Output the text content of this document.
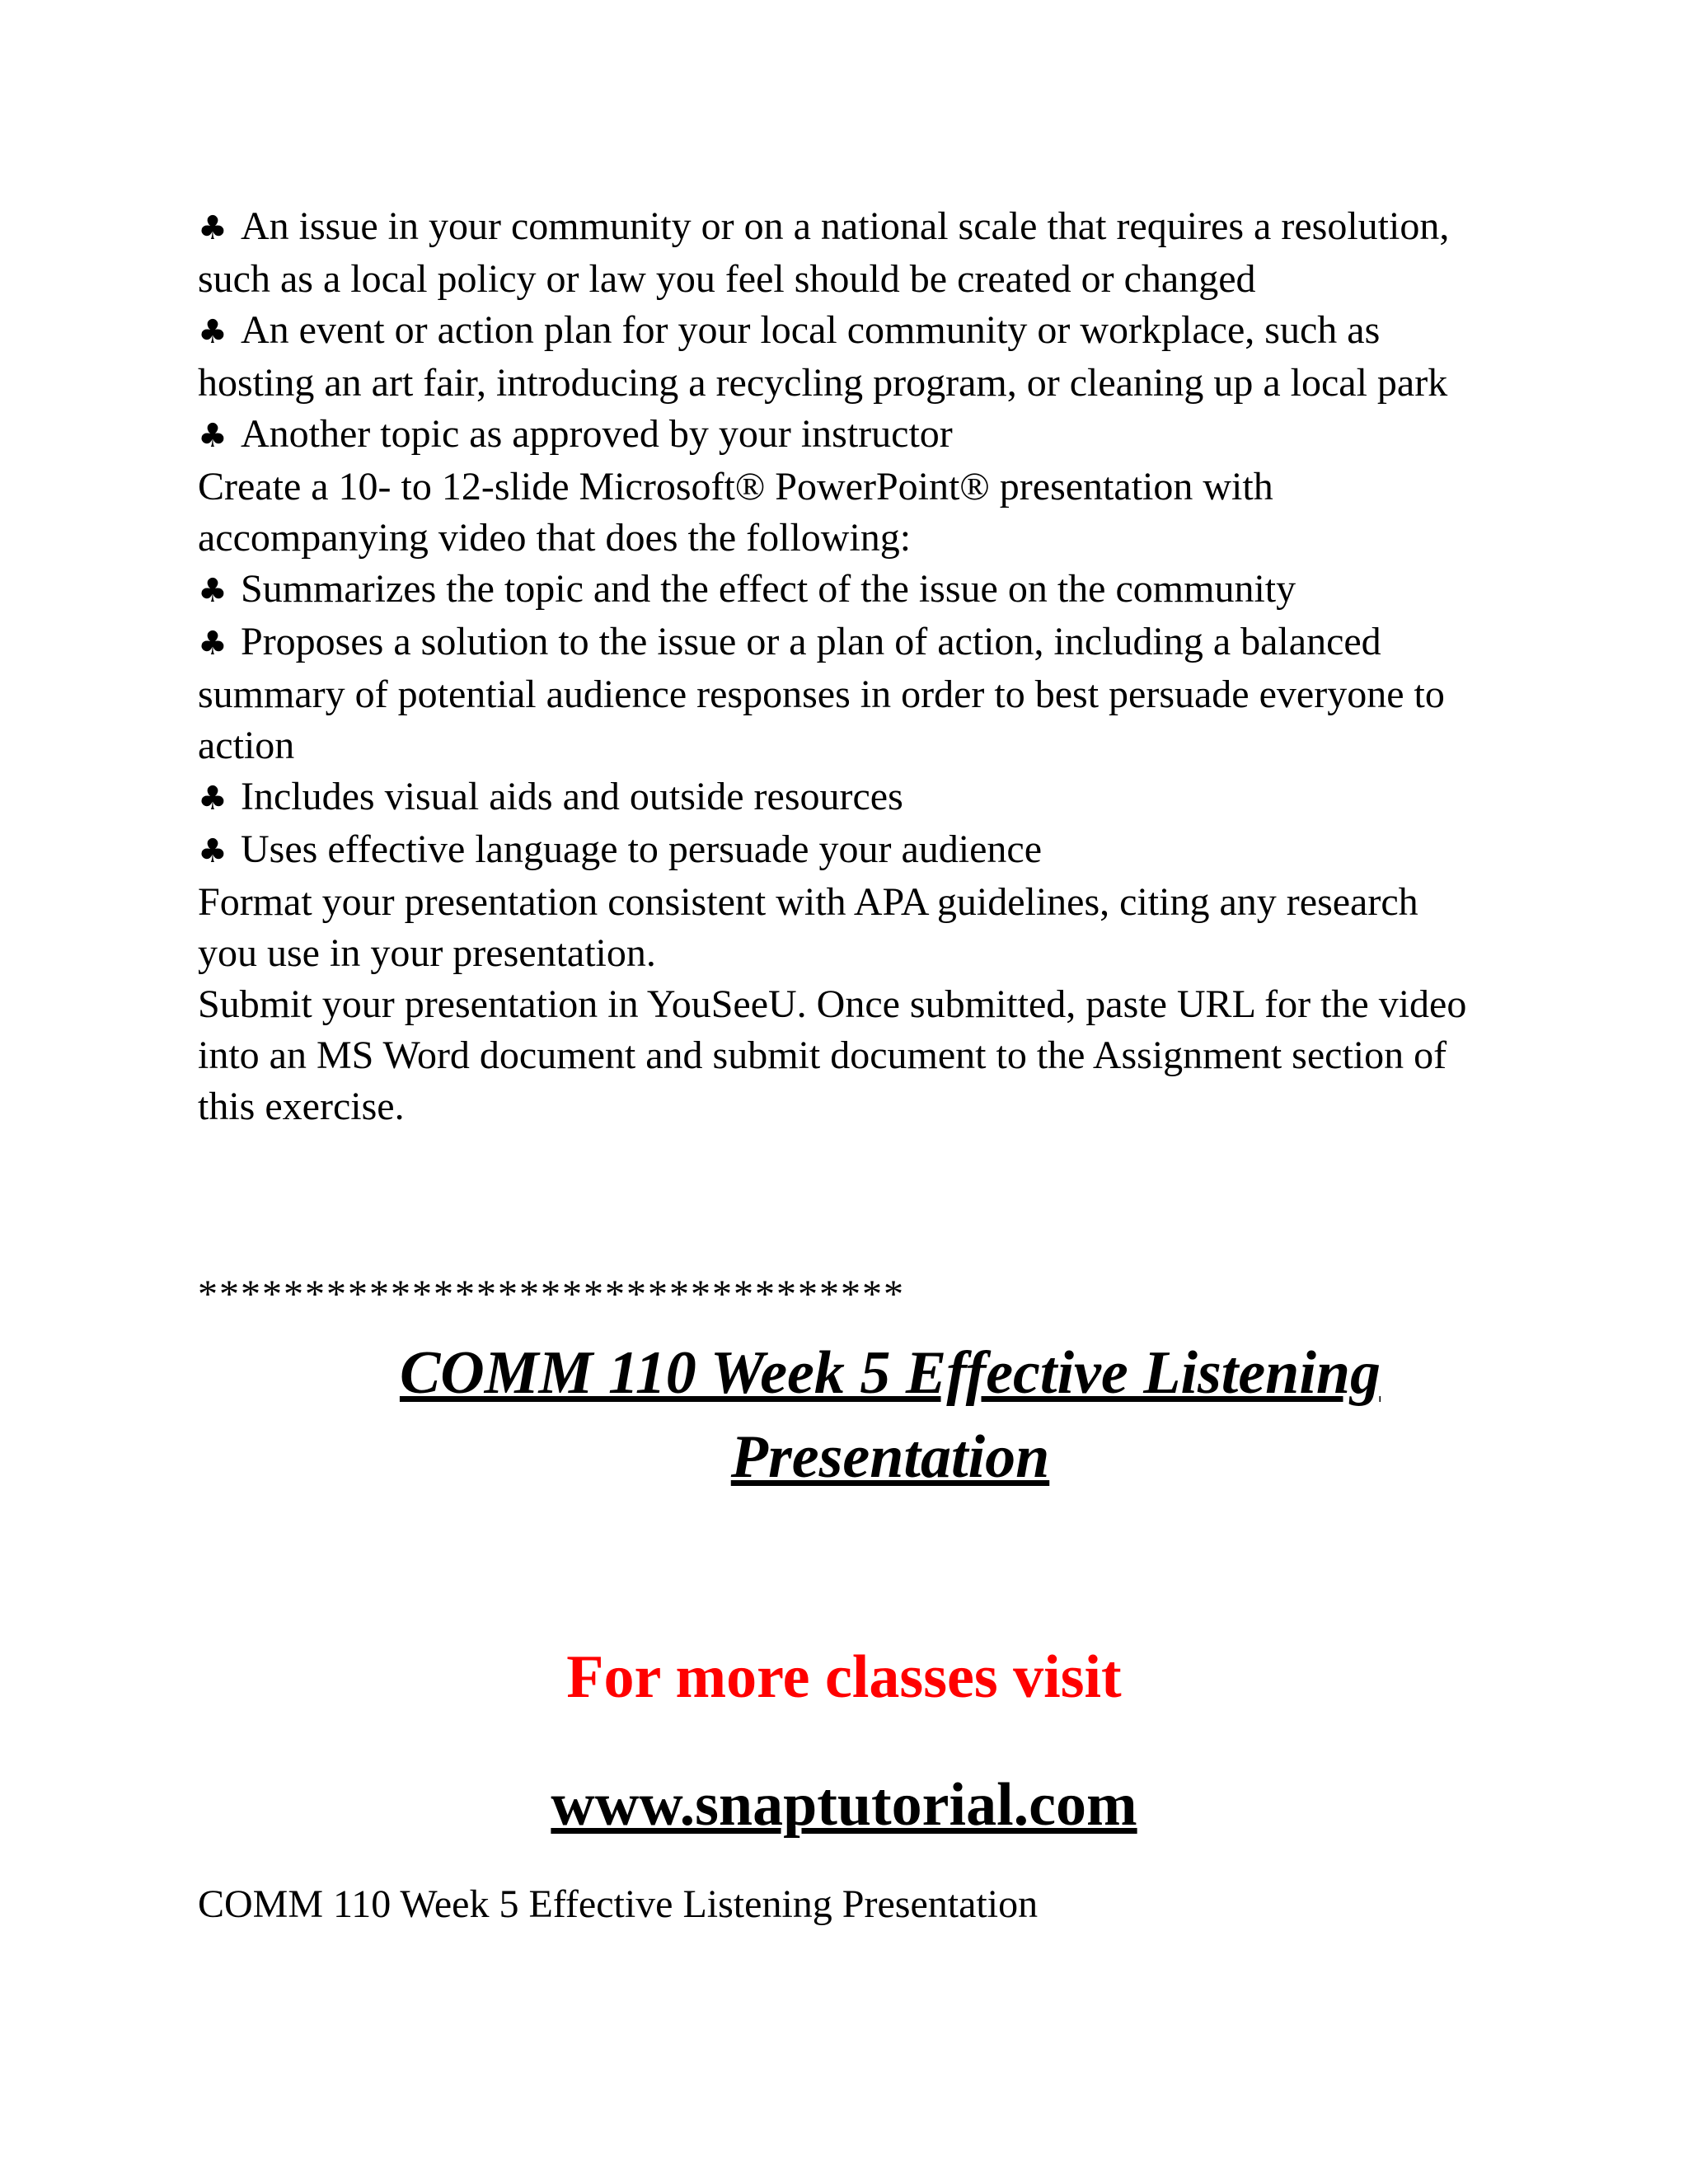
♣ An issue in your community or on a national scale that requires a resolution, such as a local policy or law you feel should be created or changed

♣ An event or action plan for your local community or workplace, such as hosting an art fair, introducing a recycling program, or cleaning up a local park

♣ Another topic as approved by your instructor

Create a 10- to 12-slide Microsoft® PowerPoint® presentation with accompanying video that does the following:

♣ Summarizes the topic and the effect of the issue on the community

♣ Proposes a solution to the issue or a plan of action, including a balanced summary of potential audience responses in order to best persuade everyone to action

♣ Includes visual aids and outside resources

♣ Uses effective language to persuade your audience

Format your presentation consistent with APA guidelines, citing any research you use in your presentation.

Submit your presentation in YouSeeU. Once submitted, paste URL for the video into an MS Word document and submit document to the Assignment section of this exercise.

*********************************
COMM 110 Week 5 Effective Listening
Presentation
For more classes visit
www.snaptutorial.com
COMM 110 Week 5 Effective Listening Presentation
